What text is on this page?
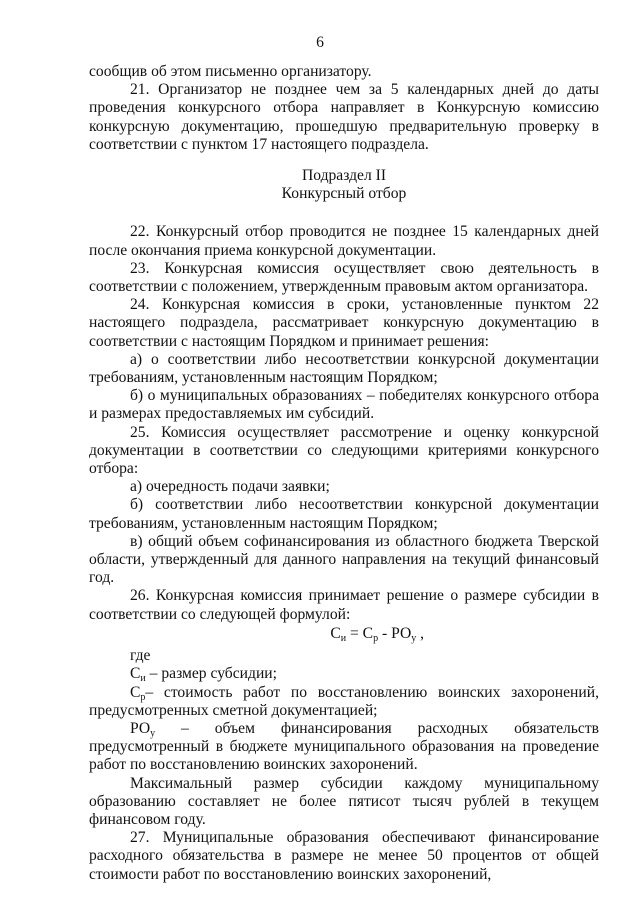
6

сообщив об этом письменно организатору.

21. Организатор не позднее чем за 5 календарных дней до даты проведения конкурсного отбора направляет в Конкурсную комиссию конкурсную документацию, прошедшую предварительную проверку в соответствии с пунктом 17 настоящего подраздела.

Подраздел II

Конкурсный отбор

22. Конкурсный отбор проводится не позднее 15 календарных дней после окончания приема конкурсной документации.

23. Конкурсная комиссия осуществляет свою деятельность в соответствии с положением, утвержденным правовым актом организатора.

24. Конкурсная комиссия в сроки, установленные пунктом 22 настоящего подраздела, рассматривает конкурсную документацию в соответствии с настоящим Порядком и принимает решения:

а) о соответствии либо несоответствии конкурсной документации требованиям, установленным настоящим Порядком;

б) о муниципальных образованиях – победителях конкурсного отбора и размерах предоставляемых им субсидий.

25. Комиссия осуществляет рассмотрение и оценку конкурсной документации в соответствии со следующими критериями конкурсного отбора:

а) очередность подачи заявки;

б) соответствии либо несоответствии конкурсной документации требованиям, установленным настоящим Порядком;

в) общий объем софинансирования из областного бюджета Тверской области, утвержденный для данного направления на текущий финансовый год.

26. Конкурсная комиссия принимает решение о размере субсидии в соответствии со следующей формулой:

$С_и = С_р - РО_у$ ,

где

$С_и$ – размер субсидии;

$С_р-$ стоимость работ по восстановлению воинских захоронений, предусмотренных сметной документацией;

$РО_у$ – объем финансирования расходных обязательств предусмотренный в бюджете муниципального образования на проведение работ по восстановлению воинских захоронений.

Максимальный размер субсидии каждому муниципальному образованию составляет не более пятисот тысяч рублей в текущем финансовом году.

27. Муниципальные образования обеспечивают финансирование расходного обязательства в размере не менее 50 процентов от общей стоимости работ по восстановлению воинских захоронений,
